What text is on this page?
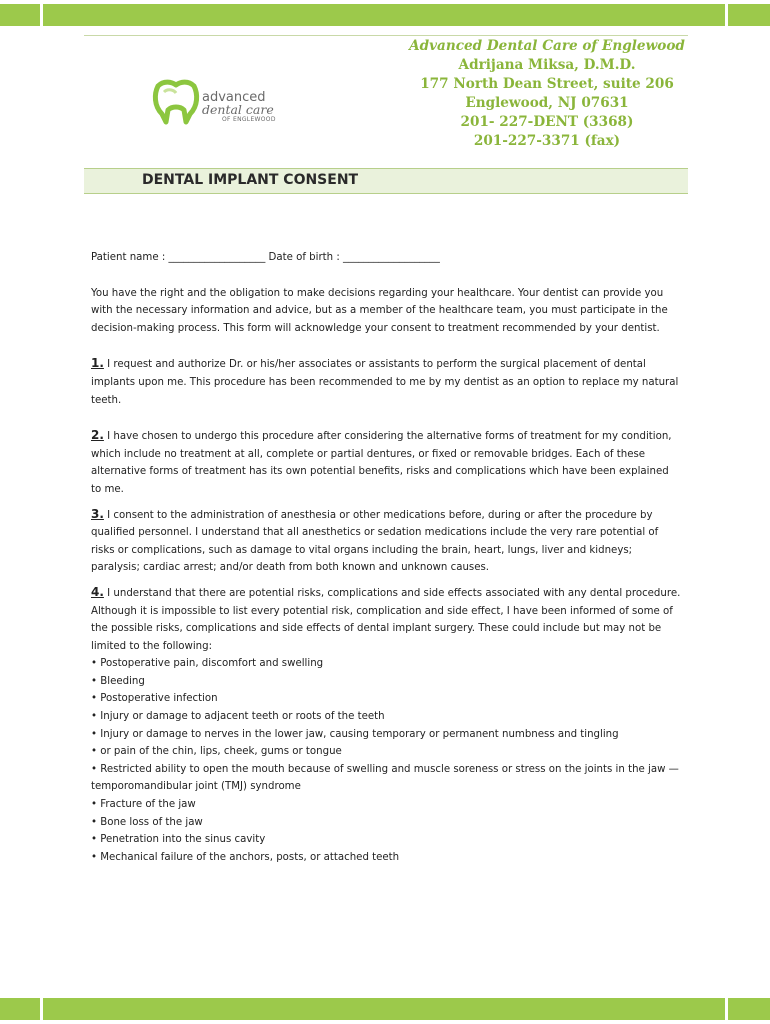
Advanced Dental Care of Englewood
Adrijana Miksa, D.M.D.
177 North Dean Street, suite 206
Englewood, NJ 07631
201- 227-DENT (3368)
201-227-3371 (fax)
advanced
dental care
OF ENGLEWOOD
DENTAL IMPLANT CONSENT

Patient name : ___________________ Date of birth : ___________________

You have the right and the obligation to make decisions regarding your healthcare. Your dentist can provide you with the necessary information and advice, but as a member of the healthcare team, you must participate in the decision-making process. This form will acknowledge your consent to treatment recommended by your dentist.

1. I request and authorize Dr. or his/her associates or assistants to perform the surgical placement of dental implants upon me. This procedure has been recommended to me by my dentist as an option to replace my natural teeth.

2. I have chosen to undergo this procedure after considering the alternative forms of treatment for my condition, which include no treatment at all, complete or partial dentures, or fixed or removable bridges. Each of these alternative forms of treatment has its own potential benefits, risks and complications which have been explained to me.

3. I consent to the administration of anesthesia or other medications before, during or after the procedure by qualified personnel. I understand that all anesthetics or sedation medications include the very rare potential of risks or complications, such as damage to vital organs including the brain, heart, lungs, liver and kidneys; paralysis; cardiac arrest; and/or death from both known and unknown causes.

4. I understand that there are potential risks, complications and side effects associated with any dental procedure. Although it is impossible to list every potential risk, complication and side effect, I have been informed of some of the possible risks, complications and side effects of dental implant surgery. These could include but may not be limited to the following:

• Postoperative pain, discomfort and swelling
• Bleeding
• Postoperative infection
• Injury or damage to adjacent teeth or roots of the teeth
• Injury or damage to nerves in the lower jaw, causing temporary or permanent numbness and tingling
• or pain of the chin, lips, cheek, gums or tongue
• Restricted ability to open the mouth because of swelling and muscle soreness or stress on the joints in the jaw — temporomandibular joint (TMJ) syndrome
• Fracture of the jaw
• Bone loss of the jaw
• Penetration into the sinus cavity
• Mechanical failure of the anchors, posts, or attached teeth
